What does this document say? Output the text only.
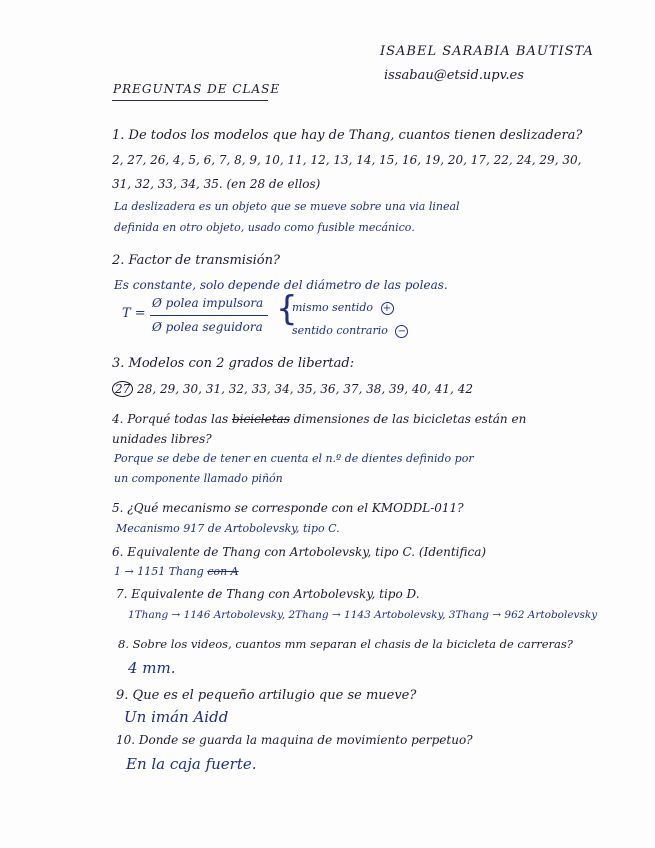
ISABEL SARABIA BAUTISTA
issabau@etsid.upv.es
PREGUNTAS DE CLASE
1. De todos los modelos que hay de Thang, cuantos tienen deslizadera?
2, 27, 26, 4, 5, 6, 7, 8, 9, 10, 11, 12, 13, 14, 15, 16, 19, 20, 17, 22, 24, 29, 30,
31, 32, 33, 34, 35. (en 28 de ellos)
La deslizadera es un objeto que se mueve sobre una via lineal
definida en otro objeto, usado como fusible mecánico.
2. Factor de transmisión?
Es constante, solo depende del diámetro de las poleas.
T =
Ø polea impulsora
Ø polea seguidora {
mismo sentido +
sentido contrario −
3. Modelos con 2 grados de libertad:
27 28, 29, 30, 31, 32, 33, 34, 35, 36, 37, 38, 39, 40, 41, 42
4. Porqué todas las bicicletas dimensiones de las bicicletas están en
unidades libres?
Porque se debe de tener en cuenta el n.º de dientes definido por
un componente llamado piñón
5. ¿Qué mecanismo se corresponde con el KMODDL-011?
Mecanismo 917 de Artobolevsky, tipo C.
6. Equivalente de Thang con Artobolevsky, tipo C. (Identifica)
1 → 1151 Thang con A
7. Equivalente de Thang con Artobolevsky, tipo D.
1Thang → 1146 Artobolevsky, 2Thang → 1143 Artobolevsky, 3Thang → 962 Artobolevsky
8. Sobre los videos, cuantos mm separan el chasis de la bicicleta de carreras?
4 mm.
9. Que es el pequeño artilugio que se mueve?
Un imán Aidd
10. Donde se guarda la maquina de movimiento perpetuo?
En la caja fuerte.
